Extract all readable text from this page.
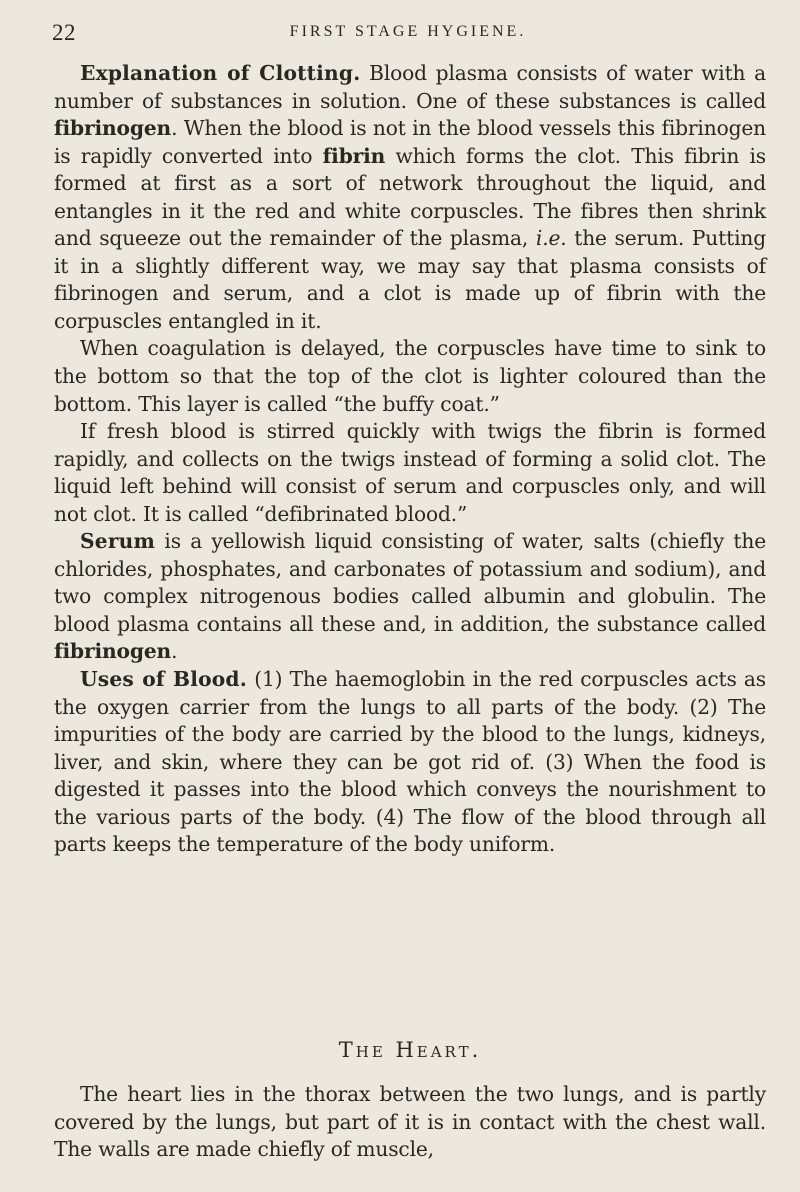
22	FIRST STAGE HYGIENE.

Explanation of Clotting. Blood plasma consists of water with a number of substances in solution. One of these substances is called fibrinogen. When the blood is not in the blood vessels this fibrinogen is rapidly converted into fibrin which forms the clot. This fibrin is formed at first as a sort of network throughout the liquid, and entangles in it the red and white corpuscles. The fibres then shrink and squeeze out the remainder of the plasma, i.e. the serum. Putting it in a slightly different way, we may say that plasma consists of fibrinogen and serum, and a clot is made up of fibrin with the corpuscles entangled in it.

When coagulation is delayed, the corpuscles have time to sink to the bottom so that the top of the clot is lighter coloured than the bottom. This layer is called “the buffy coat.”

If fresh blood is stirred quickly with twigs the fibrin is formed rapidly, and collects on the twigs instead of forming a solid clot. The liquid left behind will consist of serum and corpuscles only, and will not clot. It is called “defibrinated blood.”

Serum is a yellowish liquid consisting of water, salts (chiefly the chlorides, phosphates, and carbonates of potassium and sodium), and two complex nitrogenous bodies called albumin and globulin. The blood plasma contains all these and, in addition, the substance called fibrinogen.

Uses of Blood. (1) The haemoglobin in the red corpuscles acts as the oxygen carrier from the lungs to all parts of the body. (2) The impurities of the body are carried by the blood to the lungs, kidneys, liver, and skin, where they can be got rid of. (3) When the food is digested it passes into the blood which conveys the nourishment to the various parts of the body. (4) The flow of the blood through all parts keeps the temperature of the body uniform.

The Heart.

The heart lies in the thorax between the two lungs, and is partly covered by the lungs, but part of it is in contact with the chest wall. The walls are made chiefly of muscle,
